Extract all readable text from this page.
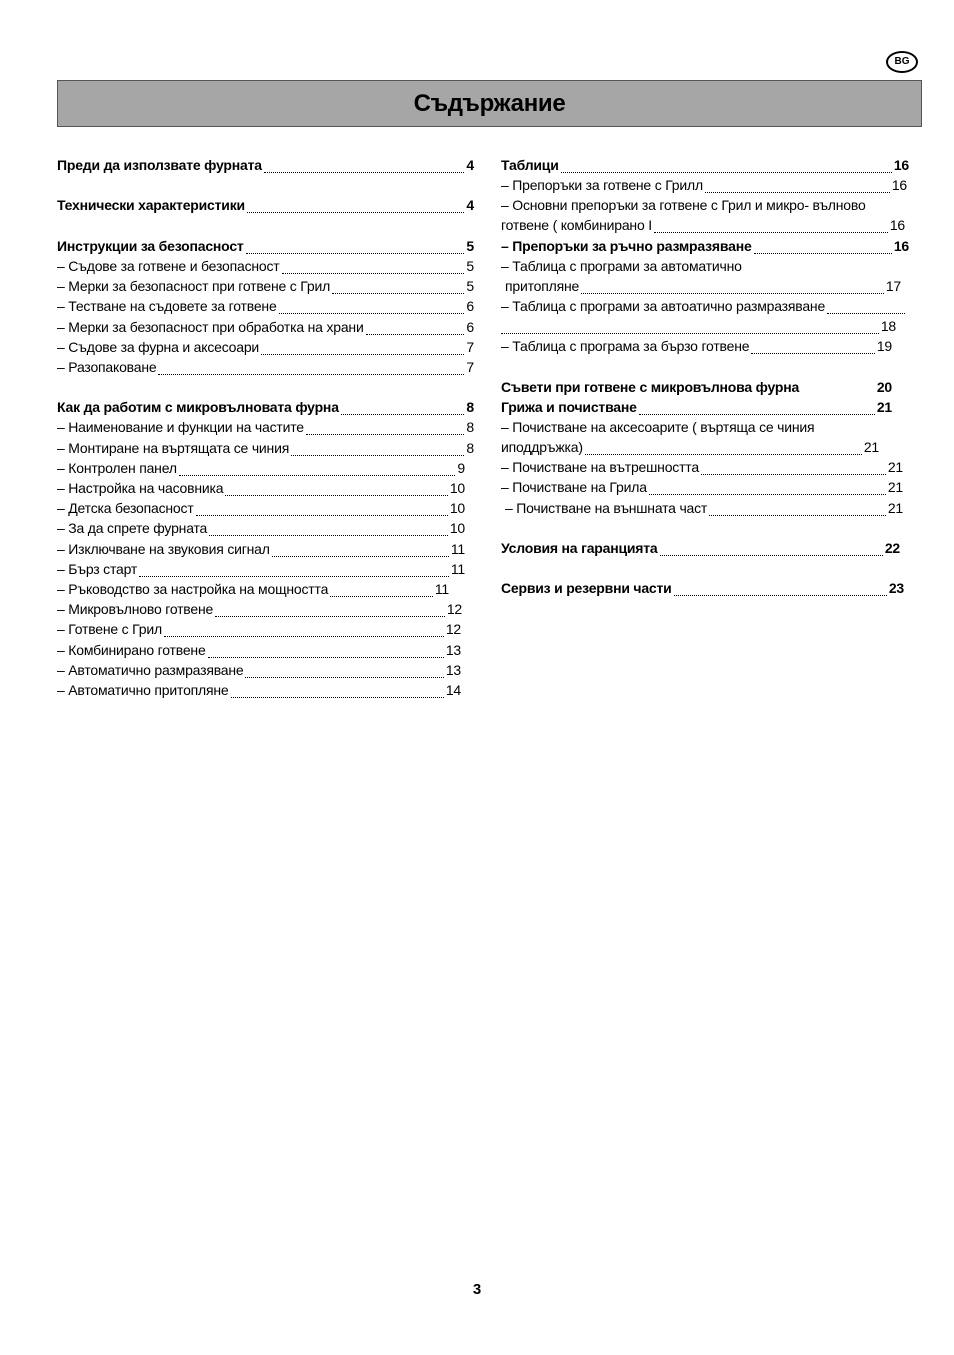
BG
Съдържание
Преди да използвате фурната	4
Технически характеристики	4
Инструкции за безопасност	5
– Съдове за готвене и безопасност	5
– Мерки за безопасност при готвене с Грил	5
– Тестване на съдовете за готвене	6
– Мерки за безопасност при обработка на храни	6
– Съдове за фурна и аксесоари	7
– Разопаковане	7
Как да работим с микровълновата фурна	8
– Наименование и функции на частите	8
– Монтиране на въртящата се чиния	8
– Контролен панел	9
– Настройка на часовника	10
– Детска безопасност	10
– За да спрете фурната	10
– Изключване на звуковия сигнал	11
– Бърз старт	11
– Ръководство за настройка на мощността	11
– Микровълново готвене	12
– Готвене с Грил	12
– Комбинирано готвене	13
– Автоматично размразяване	13
– Автоматично притопляне	14
Таблици	16
– Препоръки за готвене с Грилл	16
– Основни препоръки за готвене с Грил и микро- вълново
готвене ( комбинирано I	16
– Препоръки за ръчно размразяване	16
– Таблица с програми за автоматично
притопляне	17
– Таблица с програми за автоатично размразяване
18
– Таблица с програма за бързо готвене	19
Съвети при готвене с микровълнова фурна	20
Грижа и почистване	21
– Почистване на аксесоарите ( въртяща се чиния
иподдръжка)	21
– Почистване на вътрешността	21
– Почистване на Грила	21
– Почистване на външната част	21
Условия на гаранцията	22
Сервиз и резервни части	23
3
